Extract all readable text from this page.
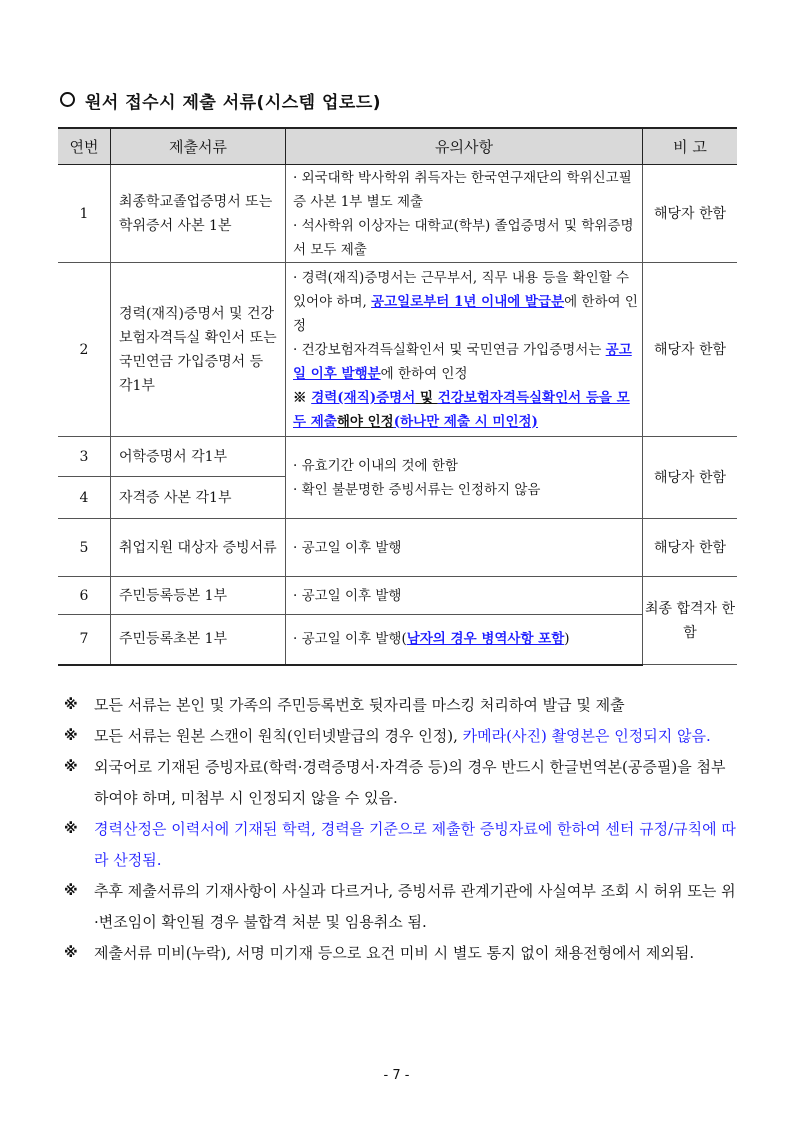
원서 접수시 제출 서류(시스템 업로드)
연번	제출서류	유의사항	비 고
1	최종학교졸업증명서 또는 학위증서 사본 1본	· 외국대학 박사학위 취득자는 한국연구재단의 학위신고필증 사본 1부 별도 제출

· 석사학위 이상자는 대학교(학부) 졸업증명서 및 학위증명서 모두 제출	해당자 한함
2	경력(재직)증명서 및 건강보험자격득실 확인서 또는 국민연금 가입증명서 등 각1부	· 경력(재직)증명서는 근무부서, 직무 내용 등을 확인할 수 있어야 하며, 공고일로부터 1년 이내에 발급분에 한하여 인정

· 건강보험자격득실확인서 및 국민연금 가입증명서는 공고일 이후 발행분에 한하여 인정

※ 경력(재직)증명서 및 건강보험자격득실확인서 등을 모두 제출해야 인정(하나만 제출 시 미인정)	해당자 한함
3	어학증명서 각1부	· 유효기간 이내의 것에 한함

· 확인 불분명한 증빙서류는 인정하지 않음	해당자 한함
4	자격증 사본 각1부		
5	취업지원 대상자 증빙서류	· 공고일 이후 발행	해당자 한함
6	주민등록등본 1부	· 공고일 이후 발행	최종 합격자 한함
7	주민등록초본 1부	· 공고일 이후 발행(남자의 경우 병역사항 포함)	
※ 모든 서류는 본인 및 가족의 주민등록번호 뒷자리를 마스킹 처리하여 발급 및 제출
※ 모든 서류는 원본 스캔이 원칙(인터넷발급의 경우 인정), 카메라(사진) 촬영본은 인정되지 않음.
※ 외국어로 기재된 증빙자료(학력·경력증명서·자격증 등)의 경우 반드시 한글번역본(공증필)을 첨부하여야 하며, 미첨부 시 인정되지 않을 수 있음.
※ 경력산정은 이력서에 기재된 학력, 경력을 기준으로 제출한 증빙자료에 한하여 센터 규정/규칙에 따라 산정됨.
※ 추후 제출서류의 기재사항이 사실과 다르거나, 증빙서류 관계기관에 사실여부 조회 시 허위 또는 위·변조임이 확인될 경우 불합격 처분 및 임용취소 됨.
※ 제출서류 미비(누락), 서명 미기재 등으로 요건 미비 시 별도 통지 없이 채용전형에서 제외됨.
- 7 -
